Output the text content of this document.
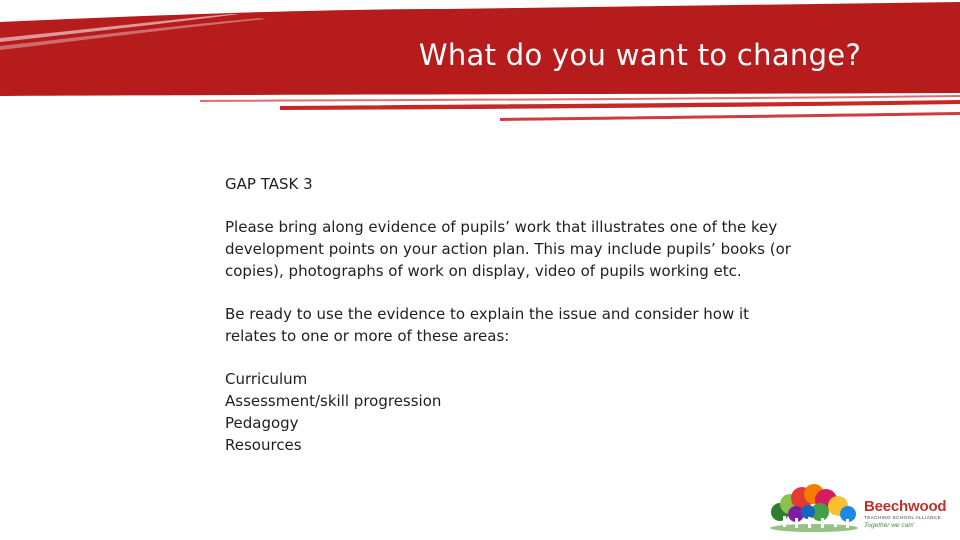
What do you want to change?

GAP TASK 3

Please bring along evidence of pupils’ work that illustrates one of the key development points on your action plan. This may include pupils’ books (or copies), photographs of work on display, video of pupils working etc.

Be ready to use the evidence to explain the issue and consider how it relates to one or more of these areas:

Curriculum
Assessment/skill progression
Pedagogy
Resources
Beechwood
TEACHING SCHOOL ALLIANCE
Together we can!
